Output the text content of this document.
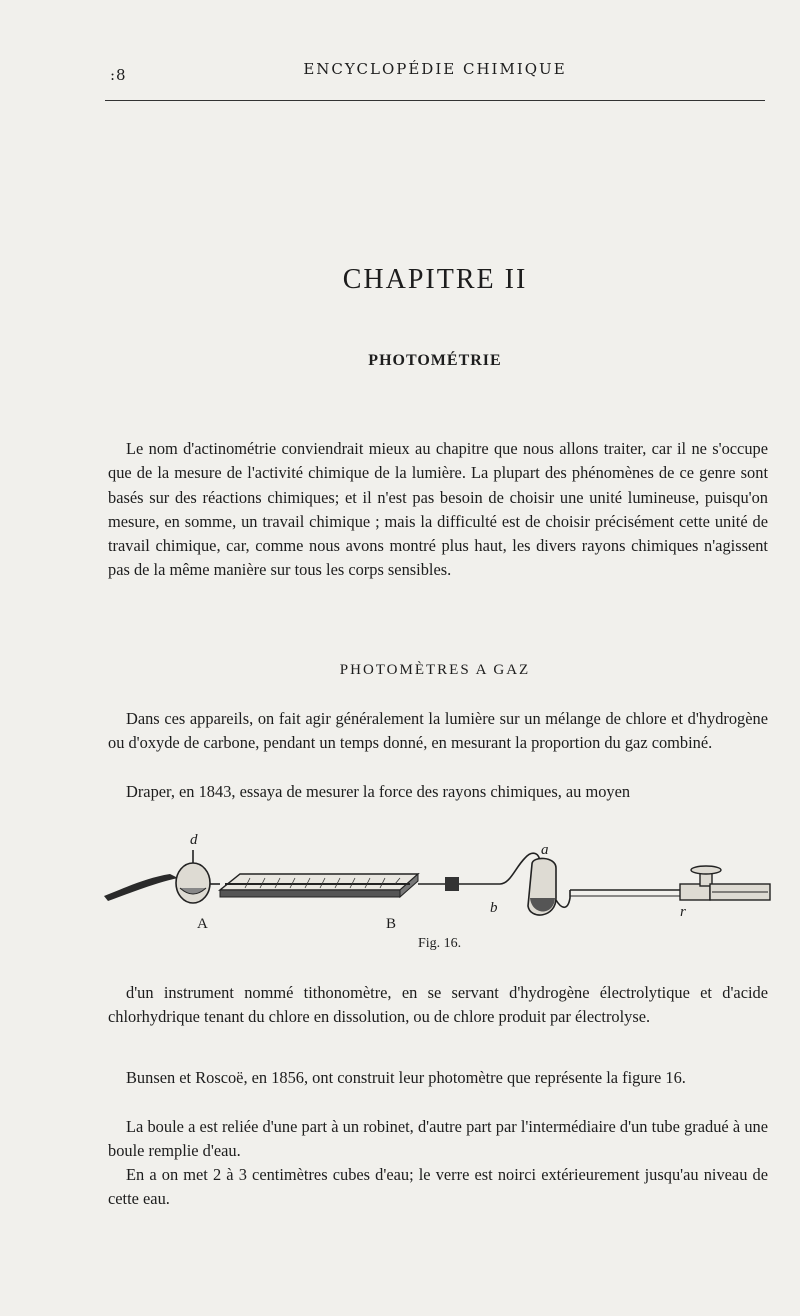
:8	ENCYCLOPÉDIE CHIMIQUE
CHAPITRE II
PHOTOMÉTRIE

Le nom d'actinométrie conviendrait mieux au chapitre que nous allons traiter, car il ne s'occupe que de la mesure de l'activité chimique de la lumière. La plupart des phénomènes de ce genre sont basés sur des réactions chimiques; et il n'est pas besoin de choisir une unité lumineuse, puisqu'on mesure, en somme, un travail chimique ; mais la difficulté est de choisir précisément cette unité de travail chimique, car, comme nous avons montré plus haut, les divers rayons chimiques n'agissent pas de la même manière sur tous les corps sensibles.

PHOTOMÈTRES A GAZ

Dans ces appareils, on fait agir généralement la lumière sur un mélange de chlore et d'hydrogène ou d'oxyde de carbone, pendant un temps donné, en mesurant la proportion du gaz combiné.

Draper, en 1843, essaya de mesurer la force des rayons chimiques, au moyen

d
a
A	B
b	r
Fig. 16.

d'un instrument nommé tithonomètre, en se servant d'hydrogène électrolytique et d'acide chlorhydrique tenant du chlore en dissolution, ou de chlore produit par électrolyse.

Bunsen et Roscoë, en 1856, ont construit leur photomètre que représente la figure 16.

La boule a est reliée d'une part à un robinet, d'autre part par l'intermédiaire d'un tube gradué à une boule remplie d'eau.

En a on met 2 à 3 centimètres cubes d'eau; le verre est noirci extérieurement jusqu'au niveau de cette eau.
